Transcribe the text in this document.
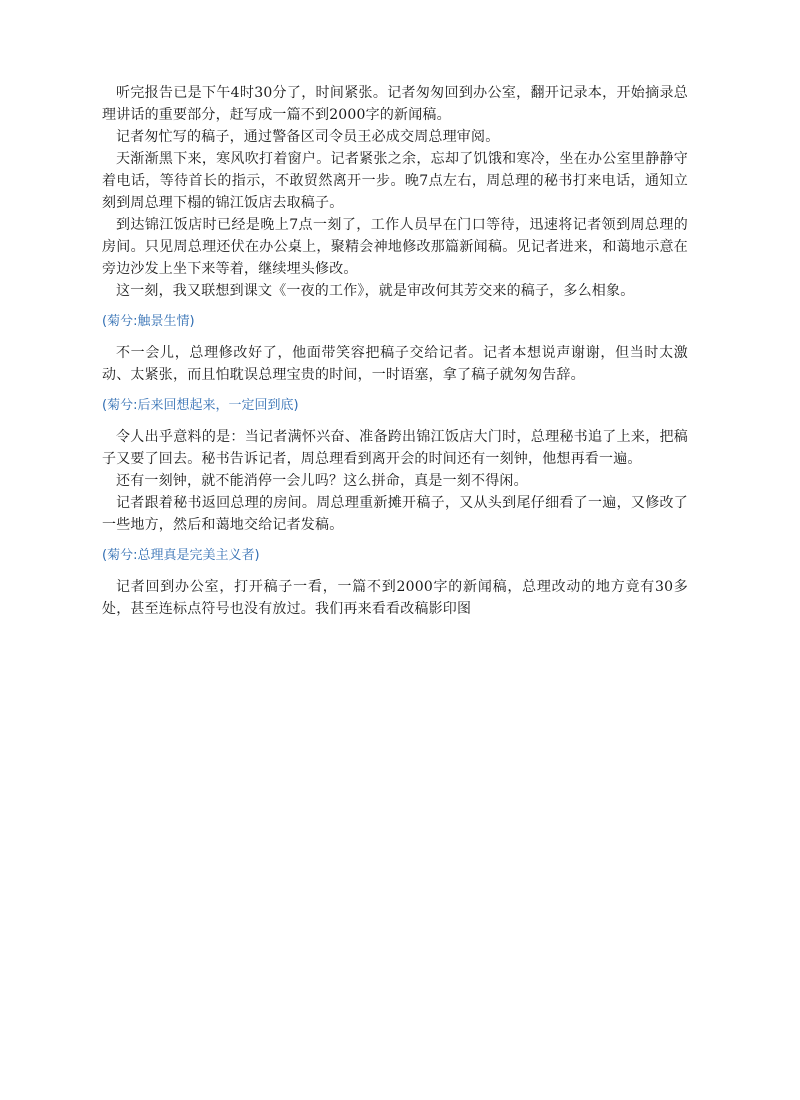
听完报告已是下午4时30分了，时间紧张。记者匆匆回到办公室，翻开记录本，开始摘录总理讲话的重要部分，赶写成一篇不到2000字的新闻稿。

记者匆忙写的稿子，通过警备区司令员王必成交周总理审阅。

天渐渐黑下来，寒风吹打着窗户。记者紧张之余，忘却了饥饿和寒冷，坐在办公室里静静守着电话，等待首长的指示，不敢贸然离开一步。晚7点左右，周总理的秘书打来电话，通知立刻到周总理下榻的锦江饭店去取稿子。

到达锦江饭店时已经是晚上7点一刻了，工作人员早在门口等待，迅速将记者领到周总理的房间。只见周总理还伏在办公桌上，聚精会神地修改那篇新闻稿。见记者进来，和蔼地示意在旁边沙发上坐下来等着，继续埋头修改。

这一刻，我又联想到课文《一夜的工作》，就是审改何其芳交来的稿子，多么相象。

(菊兮:触景生情)

不一会儿，总理修改好了，他面带笑容把稿子交给记者。记者本想说声谢谢，但当时太激动、太紧张，而且怕耽误总理宝贵的时间，一时语塞，拿了稿子就匆匆告辞。

(菊兮:后来回想起来，一定回到底)

令人出乎意料的是：当记者满怀兴奋、准备跨出锦江饭店大门时，总理秘书追了上来，把稿子又要了回去。秘书告诉记者，周总理看到离开会的时间还有一刻钟，他想再看一遍。

还有一刻钟，就不能消停一会儿吗？这么拼命，真是一刻不得闲。

记者跟着秘书返回总理的房间。周总理重新摊开稿子，又从头到尾仔细看了一遍，又修改了一些地方，然后和蔼地交给记者发稿。

(菊兮:总理真是完美主义者)

记者回到办公室，打开稿子一看，一篇不到2000字的新闻稿，总理改动的地方竟有30多处，甚至连标点符号也没有放过。我们再来看看改稿影印图
